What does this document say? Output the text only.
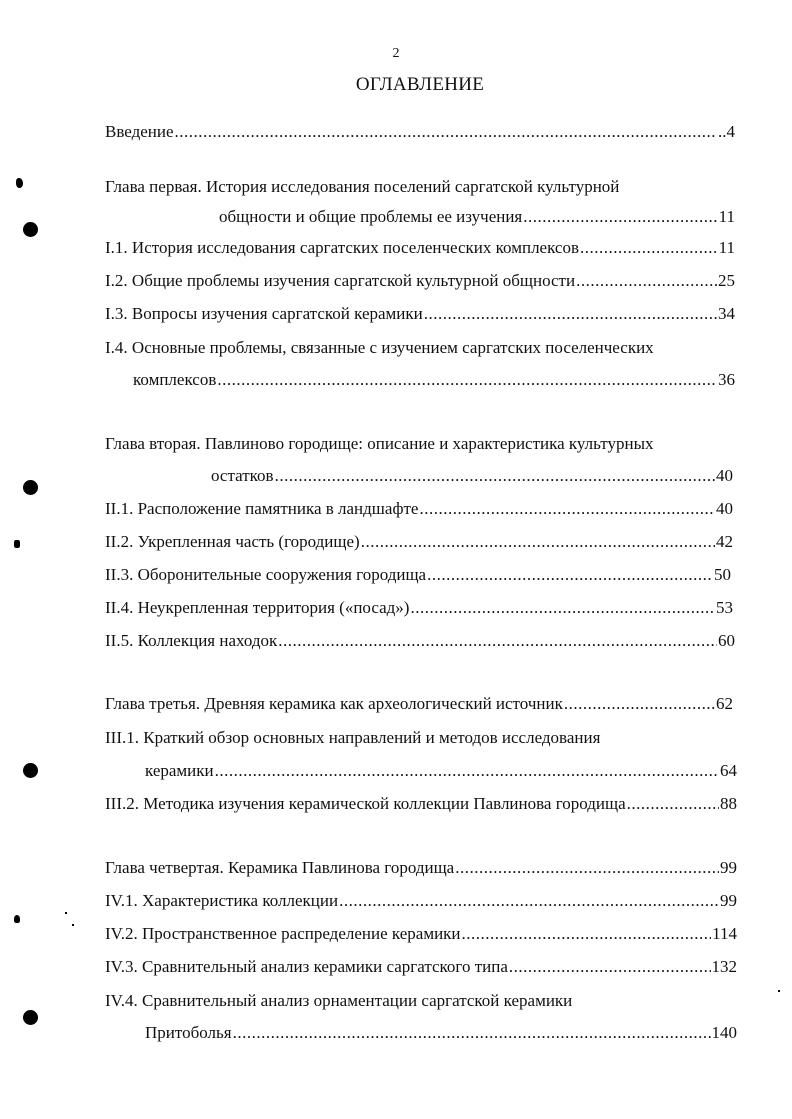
2
ОГЛАВЛЕНИЕ
Введение .....	..4
Глава первая. История исследования поселений саргатской культурной
общности и общие проблемы ее изучения .....	11
I.1. История исследования саргатских поселенческих комплексов .....	11
I.2. Общие проблемы изучения саргатской культурной общности .....	25
I.3. Вопросы изучения саргатской керамики .....	34
I.4. Основные проблемы, связанные с изучением саргатских поселенческих
комплексов .....	36
Глава вторая. Павлиново городище: описание и характеристика культурных
остатков .....	40
II.1. Расположение памятника в ландшафте .....	40
II.2. Укрепленная часть (городище) .....	42
II.3. Оборонительные сооружения городища .....	50
II.4. Неукрепленная территория («посад») .....	53
II.5. Коллекция находок .....	60
Глава третья. Древняя керамика как археологический источник .....	62
III.1. Краткий обзор основных направлений и методов исследования
керамики .....	64
III.2. Методика изучения керамической коллекции Павлинова городища .....	88
Глава четвертая. Керамика Павлинова городища .....	99
IV.1. Характеристика коллекции .....	99
IV.2. Пространственное распределение керамики .....	114
IV.3. Сравнительный анализ керамики саргатского типа .....	132
IV.4. Сравнительный анализ орнаментации саргатской керамики
Притоболья .....	140
